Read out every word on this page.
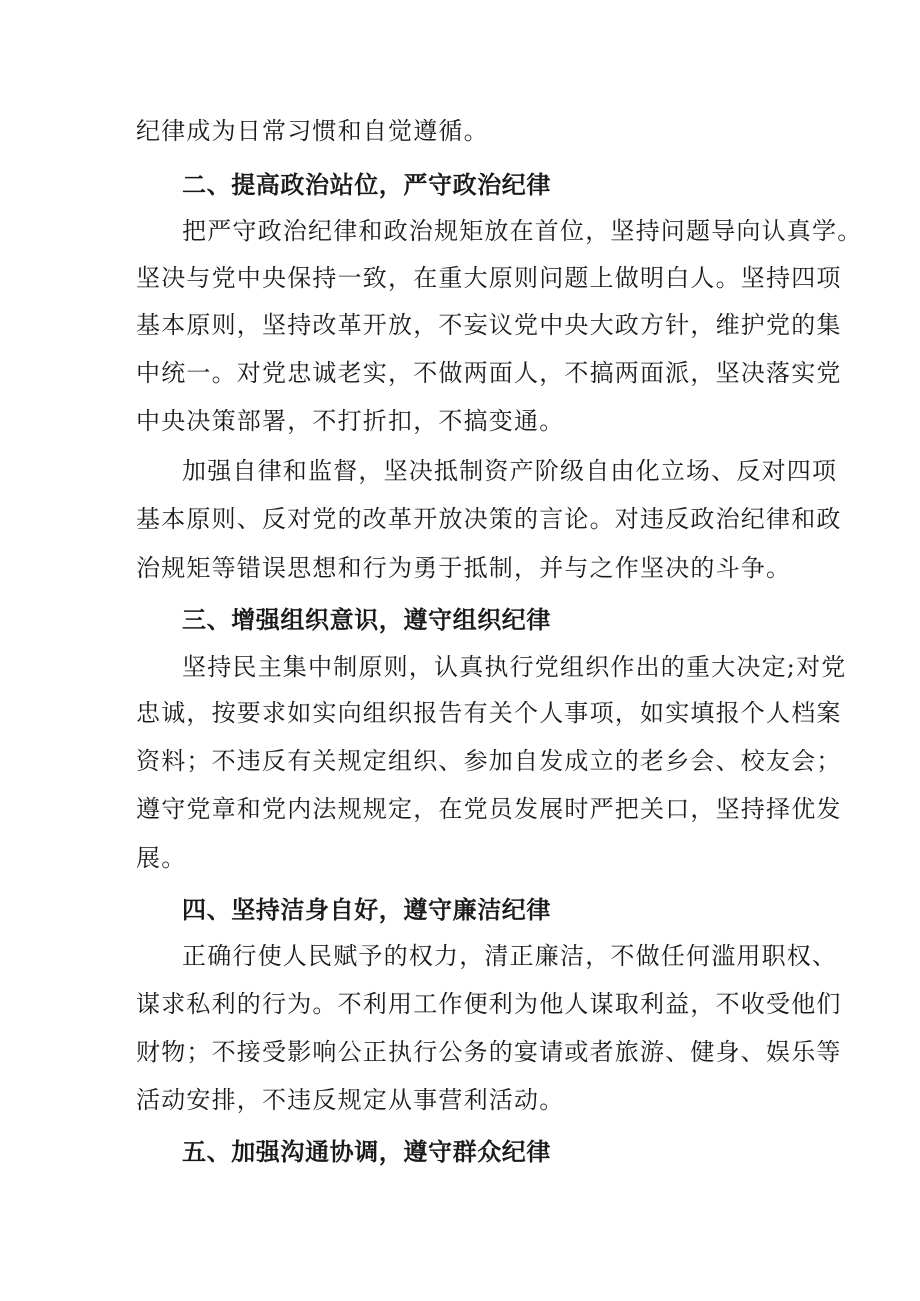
纪律成为日常习惯和自觉遵循。
二、提高政治站位，严守政治纪律
把严守政治纪律和政治规矩放在首位，坚持问题导向认真学。
坚决与党中央保持一致，在重大原则问题上做明白人。坚持四项
基本原则，坚持改革开放，不妄议党中央大政方针，维护党的集
中统一。对党忠诚老实，不做两面人，不搞两面派，坚决落实党
中央决策部署，不打折扣，不搞变通。
加强自律和监督，坚决抵制资产阶级自由化立场、反对四项
基本原则、反对党的改革开放决策的言论。对违反政治纪律和政
治规矩等错误思想和行为勇于抵制，并与之作坚决的斗争。
三、增强组织意识，遵守组织纪律
坚持民主集中制原则，认真执行党组织作出的重大决定;对党
忠诚，按要求如实向组织报告有关个人事项，如实填报个人档案
资料；不违反有关规定组织、参加自发成立的老乡会、校友会；
遵守党章和党内法规规定，在党员发展时严把关口，坚持择优发
展。
四、坚持洁身自好，遵守廉洁纪律
正确行使人民赋予的权力，清正廉洁，不做任何滥用职权、
谋求私利的行为。不利用工作便利为他人谋取利益，不收受他们
财物；不接受影响公正执行公务的宴请或者旅游、健身、娱乐等
活动安排，不违反规定从事营利活动。
五、加强沟通协调，遵守群众纪律
